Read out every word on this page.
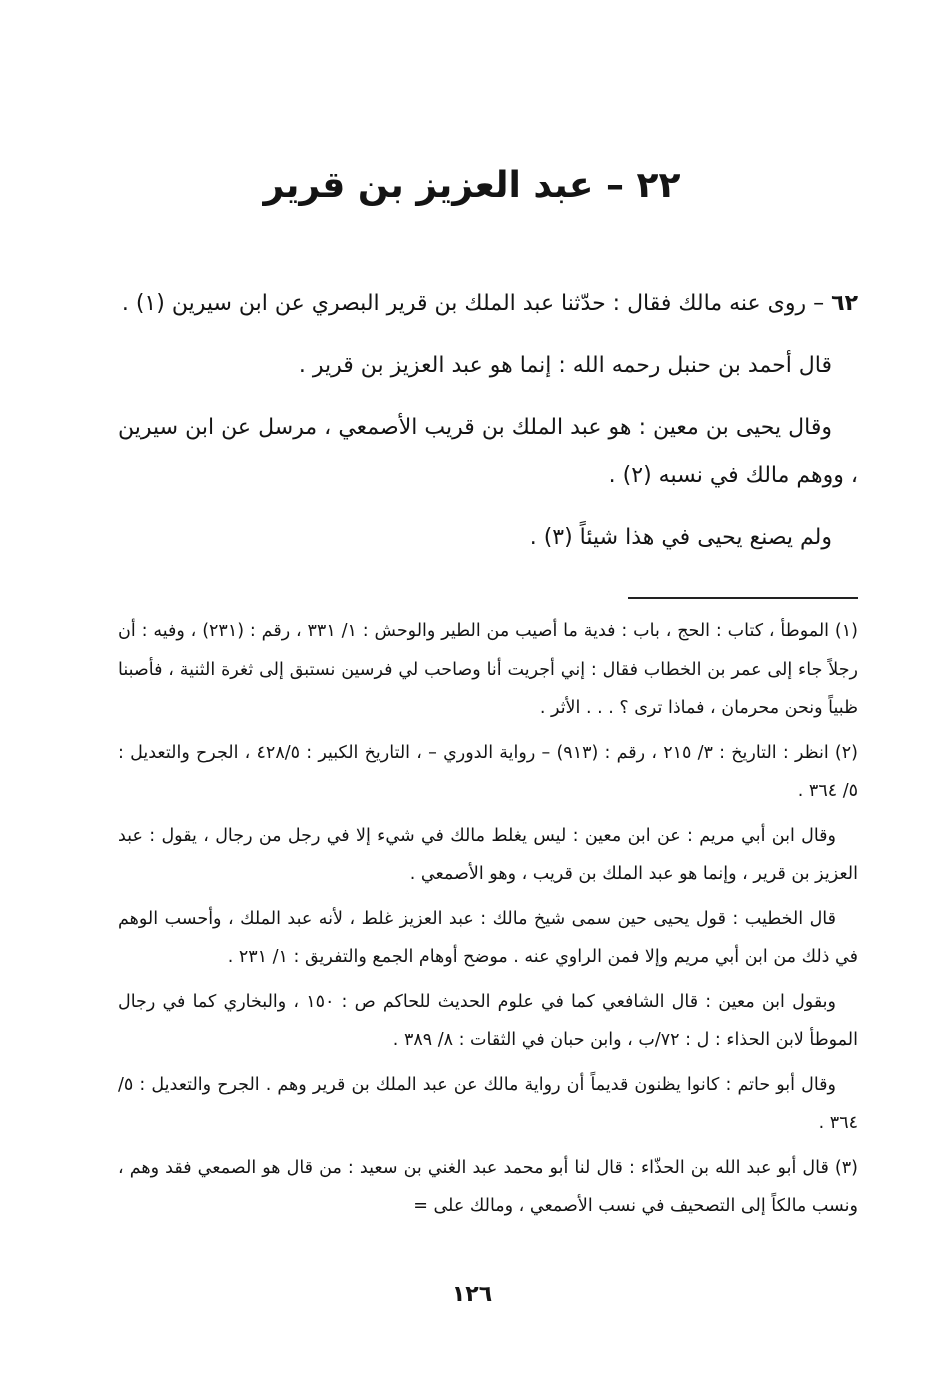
٢٢ – عبد العزيز بن قرير

٦٢ – روى عنه مالك فقال : حدّثنا عبد الملك بن قرير البصري عن ابن سيرين (١) .

قال أحمد بن حنبل رحمه الله : إنما هو عبد العزيز بن قرير .

وقال يحيى بن معين : هو عبد الملك بن قريب الأصمعي ، مرسل عن ابن سيرين ، ووهم مالك في نسبه (٢) .

ولم يصنع يحيى في هذا شيئاً (٣) .

(١) الموطأ ، كتاب : الحج ، باب : فدية ما أصيب من الطير والوحش : ١/ ٣٣١ ، رقم : (٢٣١) ، وفيه : أن رجلاً جاء إلى عمر بن الخطاب فقال : إني أجريت أنا وصاحب لي فرسين نستبق إلى ثغرة الثنية ، فأصبنا ظبياً ونحن محرمان ، فماذا ترى ؟ . . . الأثر .

(٢) انظر : التاريخ : ٣/ ٢١٥ ، رقم : (٩١٣) – رواية الدوري – ، التاريخ الكبير : ٤٢٨/٥ ، الجرح والتعديل : ٥/ ٣٦٤ .

وقال ابن أبي مريم : عن ابن معين : ليس يغلط مالك في شيء إلا في رجل من رجال ، يقول : عبد العزيز بن قرير ، وإنما هو عبد الملك بن قريب ، وهو الأصمعي .

قال الخطيب : قول يحيى حين سمى شيخ مالك : عبد العزيز غلط ، لأنه عبد الملك ، وأحسب الوهم في ذلك من ابن أبي مريم وإلا فمن الراوي عنه . موضح أوهام الجمع والتفريق : ١/ ٢٣١ .

وبقول ابن معين : قال الشافعي كما في علوم الحديث للحاكم ص : ١٥٠ ، والبخاري كما في رجال الموطأ لابن الحذاء : ل : ٧٢/ب ، وابن حبان في الثقات : ٨/ ٣٨٩ .

وقال أبو حاتم : كانوا يظنون قديماً أن رواية مالك عن عبد الملك بن قرير وهم . الجرح والتعديل : ٥/ ٣٦٤ .

(٣) قال أبو عبد الله بن الحذّاء : قال لنا أبو محمد عبد الغني بن سعيد : من قال هو الصمعي فقد وهم ، ونسب مالكاً إلى التصحيف في نسب الأصمعي ، ومالك على =

١٢٦
